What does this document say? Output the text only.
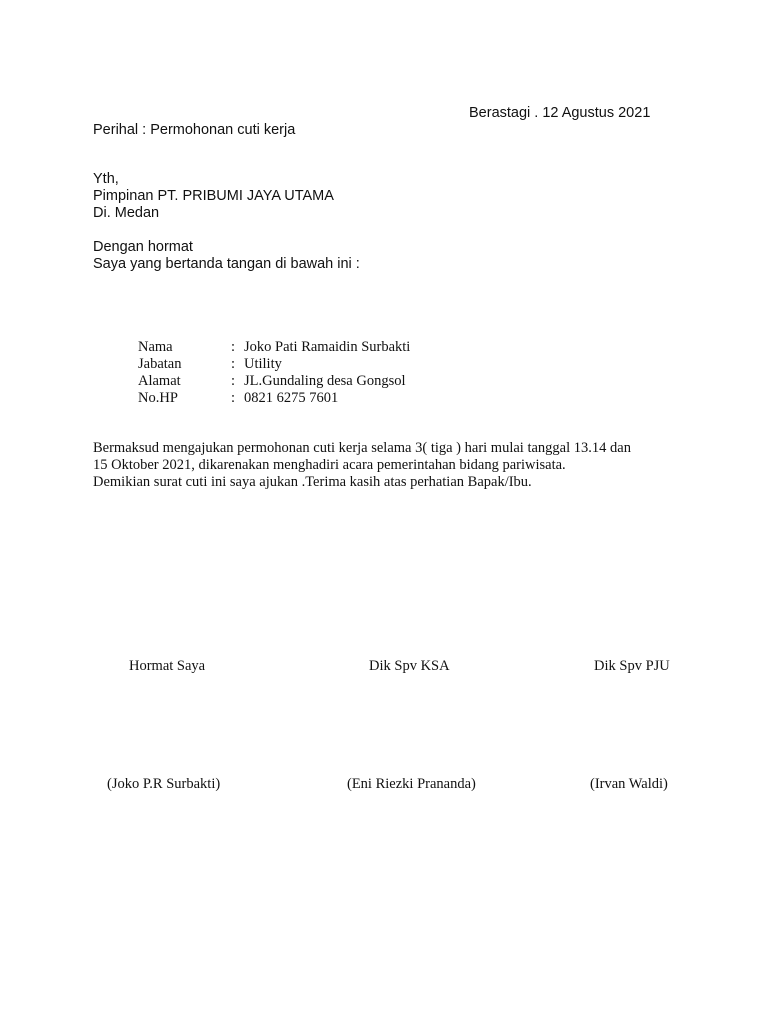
Berastagi . 12 Agustus 2021
Perihal : Permohonan cuti kerja
Yth,
Pimpinan PT. PRIBUMI JAYA UTAMA
Di. Medan
Dengan hormat
Saya yang bertanda tangan di bawah ini :
Nama	: Joko Pati Ramaidin Surbakti
Jabatan	: Utility
Alamat	: JL.Gundaling desa Gongsol
No.HP	: 0821 6275 7601
Bermaksud mengajukan permohonan cuti kerja selama 3( tiga ) hari mulai tanggal 13.14 dan
15 Oktober 2021, dikarenakan menghadiri acara pemerintahan bidang pariwisata.
Demikian surat cuti ini saya ajukan .Terima kasih atas perhatian Bapak/Ibu.
Hormat Saya	Dik Spv KSA	Dik Spv PJU
(Joko P.R Surbakti)	(Eni Riezki Prananda)	(Irvan Waldi)
